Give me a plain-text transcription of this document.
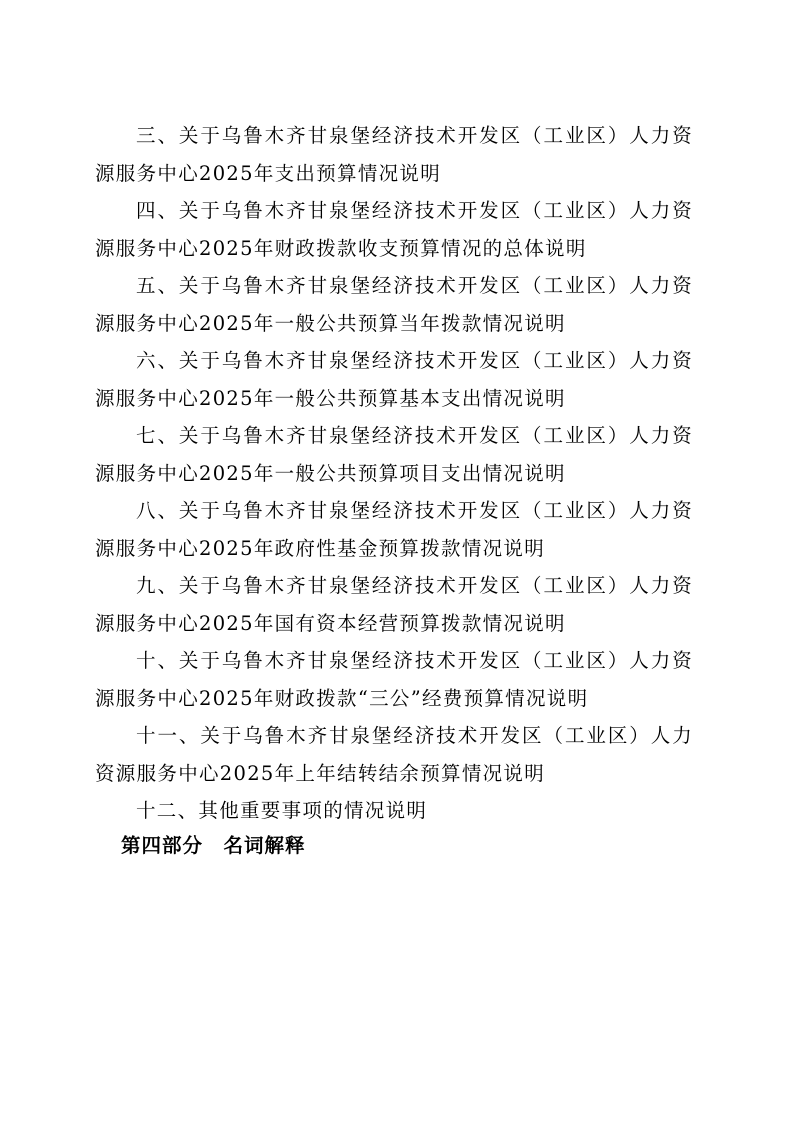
三、关于乌鲁木齐甘泉堡经济技术开发区（工业区）人力资源服务中心2025年支出预算情况说明

四、关于乌鲁木齐甘泉堡经济技术开发区（工业区）人力资源服务中心2025年财政拨款收支预算情况的总体说明

五、关于乌鲁木齐甘泉堡经济技术开发区（工业区）人力资源服务中心2025年一般公共预算当年拨款情况说明

六、关于乌鲁木齐甘泉堡经济技术开发区（工业区）人力资源服务中心2025年一般公共预算基本支出情况说明

七、关于乌鲁木齐甘泉堡经济技术开发区（工业区）人力资源服务中心2025年一般公共预算项目支出情况说明

八、关于乌鲁木齐甘泉堡经济技术开发区（工业区）人力资源服务中心2025年政府性基金预算拨款情况说明

九、关于乌鲁木齐甘泉堡经济技术开发区（工业区）人力资源服务中心2025年国有资本经营预算拨款情况说明

十、关于乌鲁木齐甘泉堡经济技术开发区（工业区）人力资源服务中心2025年财政拨款“三公”经费预算情况说明

十一、关于乌鲁木齐甘泉堡经济技术开发区（工业区）人力资源服务中心2025年上年结转结余预算情况说明

十二、其他重要事项的情况说明

第四部分　名词解释
